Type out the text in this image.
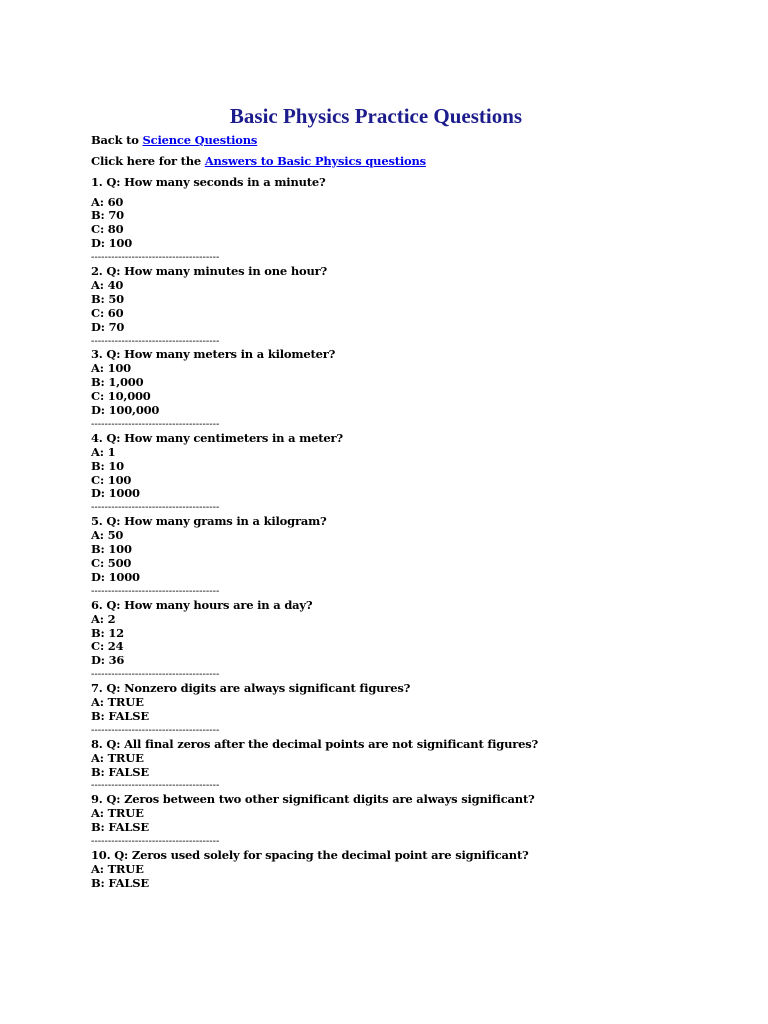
Basic Physics Practice Questions

Back to Science Questions

Click here for the Answers to Basic Physics questions

1. Q: How many seconds in a minute?

A: 60

B: 70

C: 80

D: 100

--------------------------------------

2. Q: How many minutes in one hour?

A: 40

B: 50

C: 60

D: 70

--------------------------------------

3. Q: How many meters in a kilometer?

A: 100

B: 1,000

C: 10,000

D: 100,000

--------------------------------------

4. Q: How many centimeters in a meter?

A: 1

B: 10

C: 100

D: 1000

--------------------------------------

5. Q: How many grams in a kilogram?

A: 50

B: 100

C: 500

D: 1000

--------------------------------------

6. Q: How many hours are in a day?

A: 2

B: 12

C: 24

D: 36

--------------------------------------

7. Q: Nonzero digits are always significant figures?

A: TRUE

B: FALSE

--------------------------------------

8. Q: All final zeros after the decimal points are not significant figures?

A: TRUE

B: FALSE

--------------------------------------

9. Q: Zeros between two other significant digits are always significant?

A: TRUE

B: FALSE

--------------------------------------

10. Q: Zeros used solely for spacing the decimal point are significant?

A: TRUE

B: FALSE
